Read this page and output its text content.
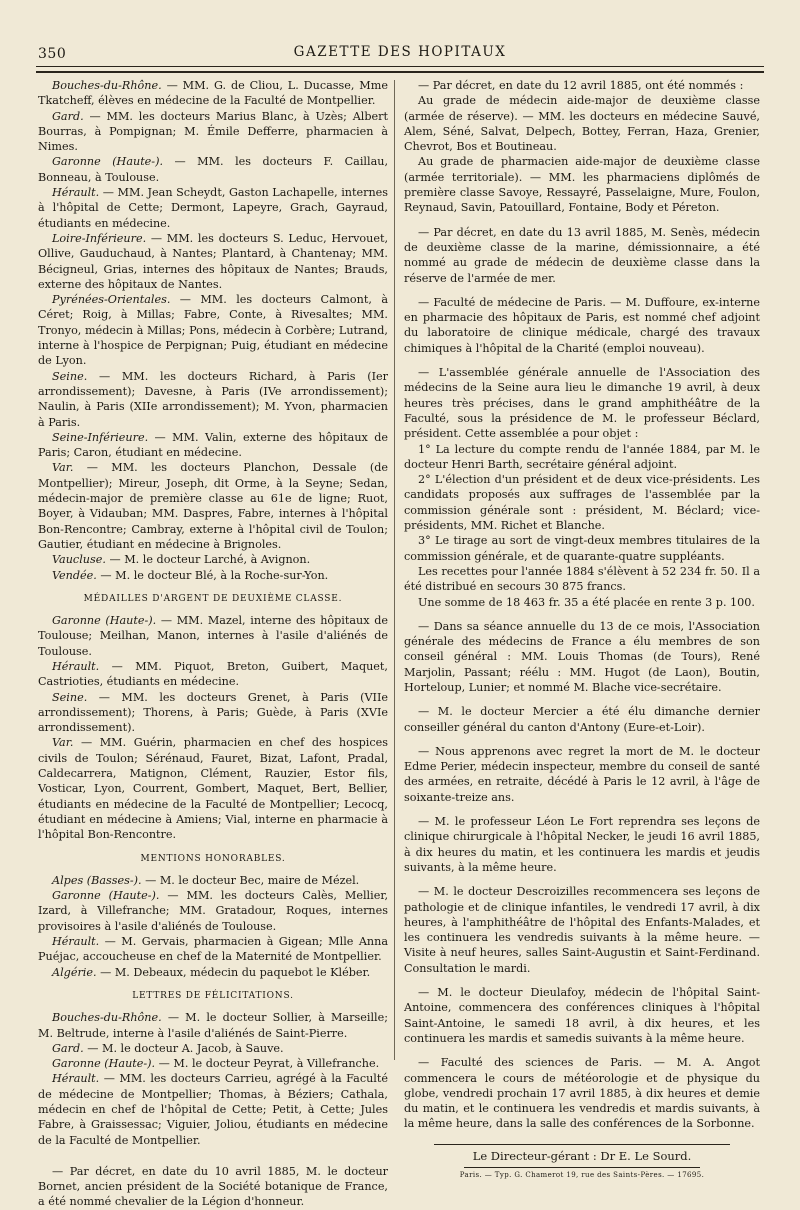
350	GAZETTE DES HOPITAUX

Bouches-du-Rhône. — MM. G. de Cliou, L. Ducasse, Mme Tkatcheff, élèves en médecine de la Faculté de Montpellier.

Gard. — MM. les docteurs Marius Blanc, à Uzès; Albert Bourras, à Pompignan; M. Émile Defferre, pharmacien à Nimes.

Garonne (Haute-). — MM. les docteurs F. Caillau, Bonneau, à Toulouse.

Hérault. — MM. Jean Scheydt, Gaston Lachapelle, internes à l'hôpital de Cette; Dermont, Lapeyre, Grach, Gayraud, étudiants en médecine.

Loire-Inférieure. — MM. les docteurs S. Leduc, Hervouet, Ollive, Gauduchaud, à Nantes; Plantard, à Chantenay; MM. Bécigneul, Grias, internes des hôpitaux de Nantes; Brauds, externe des hôpitaux de Nantes.

Pyrénées-Orientales. — MM. les docteurs Calmont, à Céret; Roig, à Millas; Fabre, Conte, à Rivesaltes; MM. Tronyo, médecin à Millas; Pons, médecin à Corbère; Lutrand, interne à l'hospice de Perpignan; Puig, étudiant en médecine de Lyon.

Seine. — MM. les docteurs Richard, à Paris (Ier arrondissement); Davesne, à Paris (IVe arrondissement); Naulin, à Paris (XIIe arrondissement); M. Yvon, pharmacien à Paris.

Seine-Inférieure. — MM. Valin, externe des hôpitaux de Paris; Caron, étudiant en médecine.

Var. — MM. les docteurs Planchon, Dessale (de Montpellier); Mireur, Joseph, dit Orme, à la Seyne; Sedan, médecin-major de première classe au 61e de ligne; Ruot, Boyer, à Vidauban; MM. Daspres, Fabre, internes à l'hôpital Bon-Rencontre; Cambray, externe à l'hôpital civil de Toulon; Gautier, étudiant en médecine à Brignoles.

Vaucluse. — M. le docteur Larché, à Avignon.

Vendée. — M. le docteur Blé, à la Roche-sur-Yon.

MÉDAILLES D'ARGENT DE DEUXIÈME CLASSE.

Garonne (Haute-). — MM. Mazel, interne des hôpitaux de Toulouse; Meilhan, Manon, internes à l'asile d'aliénés de Toulouse.

Hérault. — MM. Piquot, Breton, Guibert, Maquet, Castrioties, étudiants en médecine.

Seine. — MM. les docteurs Grenet, à Paris (VIIe arrondissement); Thorens, à Paris; Guède, à Paris (XVIe arrondissement).

Var. — MM. Guérin, pharmacien en chef des hospices civils de Toulon; Sérénaud, Fauret, Bizat, Lafont, Pradal, Caldecarrera, Matignon, Clément, Rauzier, Estor fils, Vosticar, Lyon, Courrent, Gombert, Maquet, Bert, Bellier, étudiants en médecine de la Faculté de Montpellier; Lecocq, étudiant en médecine à Amiens; Vial, interne en pharmacie à l'hôpital Bon-Rencontre.

MENTIONS HONORABLES.

Alpes (Basses-). — M. le docteur Bec, maire de Mézel.

Garonne (Haute-). — MM. les docteurs Calès, Mellier, Izard, à Villefranche; MM. Gratadour, Roques, internes provisoires à l'asile d'aliénés de Toulouse.

Hérault. — M. Gervais, pharmacien à Gigean; Mlle Anna Puéjac, accoucheuse en chef de la Maternité de Montpellier.

Algérie. — M. Debeaux, médecin du paquebot le Kléber.

LETTRES DE FÉLICITATIONS.

Bouches-du-Rhône. — M. le docteur Sollier, à Marseille; M. Beltrude, interne à l'asile d'aliénés de Saint-Pierre.

Gard. — M. le docteur A. Jacob, à Sauve.

Garonne (Haute-). — M. le docteur Peyrat, à Villefranche.

Hérault. — MM. les docteurs Carrieu, agrégé à la Faculté de médecine de Montpellier; Thomas, à Béziers; Cathala, médecin en chef de l'hôpital de Cette; Petit, à Cette; Jules Fabre, à Graissessac; Viguier, Joliou, étudiants en médecine de la Faculté de Montpellier.

— Par décret, en date du 10 avril 1885, M. le docteur Bornet, ancien président de la Société botanique de France, a été nommé chevalier de la Légion d'honneur.

— Par décret, en date du 12 avril 1885, ont été nommés :

Au grade de médecin aide-major de deuxième classe (armée de réserve). — MM. les docteurs en médecine Sauvé, Alem, Séné, Salvat, Delpech, Bottey, Ferran, Haza, Grenier, Chevrot, Bos et Boutineau.

Au grade de pharmacien aide-major de deuxième classe (armée territoriale). — MM. les pharmaciens diplômés de première classe Savoye, Ressayré, Passelaigne, Mure, Foulon, Reynaud, Savin, Patouillard, Fontaine, Body et Péreton.

— Par décret, en date du 13 avril 1885, M. Senès, médecin de deuxième classe de la marine, démissionnaire, a été nommé au grade de médecin de deuxième classe dans la réserve de l'armée de mer.

— Faculté de médecine de Paris. — M. Duffoure, ex-interne en pharmacie des hôpitaux de Paris, est nommé chef adjoint du laboratoire de clinique médicale, chargé des travaux chimiques à l'hôpital de la Charité (emploi nouveau).

— L'assemblée générale annuelle de l'Association des médecins de la Seine aura lieu le dimanche 19 avril, à deux heures très précises, dans le grand amphithéâtre de la Faculté, sous la présidence de M. le professeur Béclard, président. Cette assemblée a pour objet :

1° La lecture du compte rendu de l'année 1884, par M. le docteur Henri Barth, secrétaire général adjoint.

2° L'élection d'un président et de deux vice-présidents. Les candidats proposés aux suffrages de l'assemblée par la commission générale sont : président, M. Béclard; vice-présidents, MM. Richet et Blanche.

3° Le tirage au sort de vingt-deux membres titulaires de la commission générale, et de quarante-quatre suppléants.

Les recettes pour l'année 1884 s'élèvent à 52 234 fr. 50. Il a été distribué en secours 30 875 francs.

Une somme de 18 463 fr. 35 a été placée en rente 3 p. 100.

— Dans sa séance annuelle du 13 de ce mois, l'Association générale des médecins de France a élu membres de son conseil général : MM. Louis Thomas (de Tours), René Marjolin, Passant; réélu : MM. Hugot (de Laon), Boutin, Horteloup, Lunier; et nommé M. Blache vice-secrétaire.

— M. le docteur Mercier a été élu dimanche dernier conseiller général du canton d'Antony (Eure-et-Loir).

— Nous apprenons avec regret la mort de M. le docteur Edme Perier, médecin inspecteur, membre du conseil de santé des armées, en retraite, décédé à Paris le 12 avril, à l'âge de soixante-treize ans.

— M. le professeur Léon Le Fort reprendra ses leçons de clinique chirurgicale à l'hôpital Necker, le jeudi 16 avril 1885, à dix heures du matin, et les continuera les mardis et jeudis suivants, à la même heure.

— M. le docteur Descroizilles recommencera ses leçons de pathologie et de clinique infantiles, le vendredi 17 avril, à dix heures, à l'amphithéâtre de l'hôpital des Enfants-Malades, et les continuera les vendredis suivants à la même heure. — Visite à neuf heures, salles Saint-Augustin et Saint-Ferdinand. Consultation le mardi.

— M. le docteur Dieulafoy, médecin de l'hôpital Saint-Antoine, commencera des conférences cliniques à l'hôpital Saint-Antoine, le samedi 18 avril, à dix heures, et les continuera les mardis et samedis suivants à la même heure.

— Faculté des sciences de Paris. — M. A. Angot commencera le cours de météorologie et de physique du globe, vendredi prochain 17 avril 1885, à dix heures et demie du matin, et le continuera les vendredis et mardis suivants, à la même heure, dans la salle des conférences de la Sorbonne.

Le Directeur-gérant : Dr E. Le Sourd.

Paris. — Typ. G. Chamerot 19, rue des Saints-Pères. — 17695.
